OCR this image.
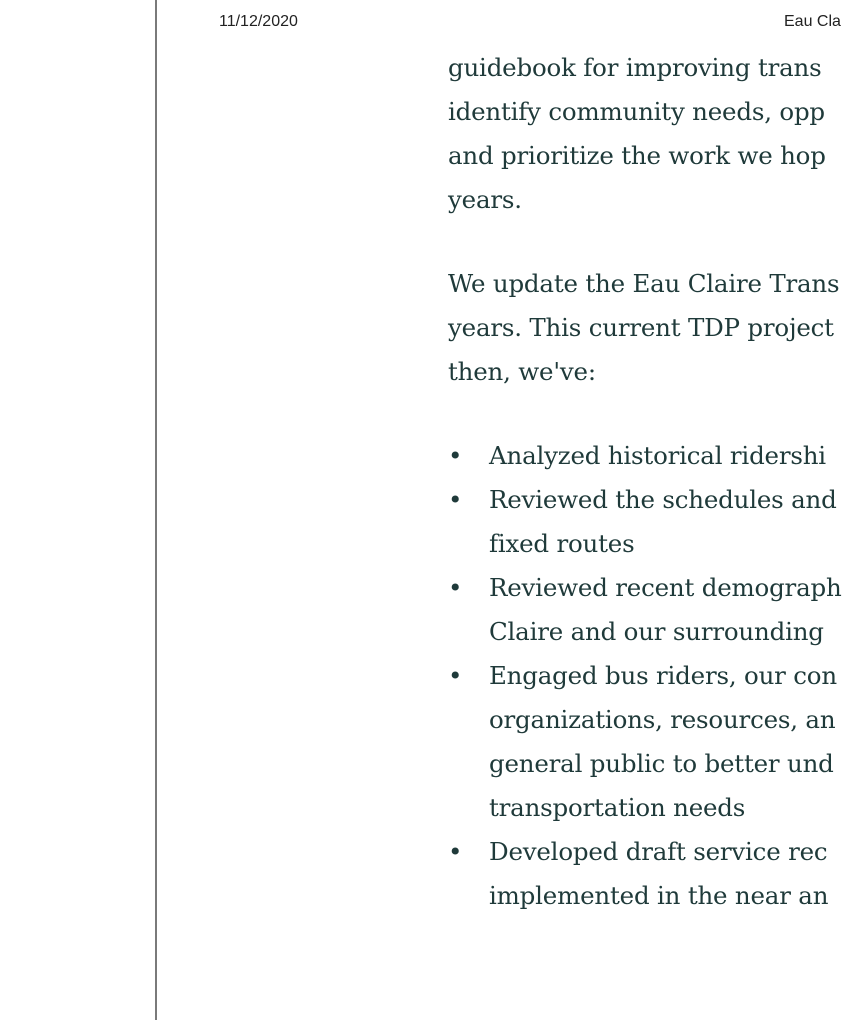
11/12/2020	Eau Cla
guidebook for improving trans
identify community needs, opp
and prioritize the work we hop
years.
We update the Eau Claire Trans
years. This current TDP project
then, we've:
• Analyzed historical ridershi
• Reviewed the schedules and
fixed routes
• Reviewed recent demograph
Claire and our surrounding
• Engaged bus riders, our con
organizations, resources, an
general public to better und
transportation needs
• Developed draft service rec
implemented in the near an
